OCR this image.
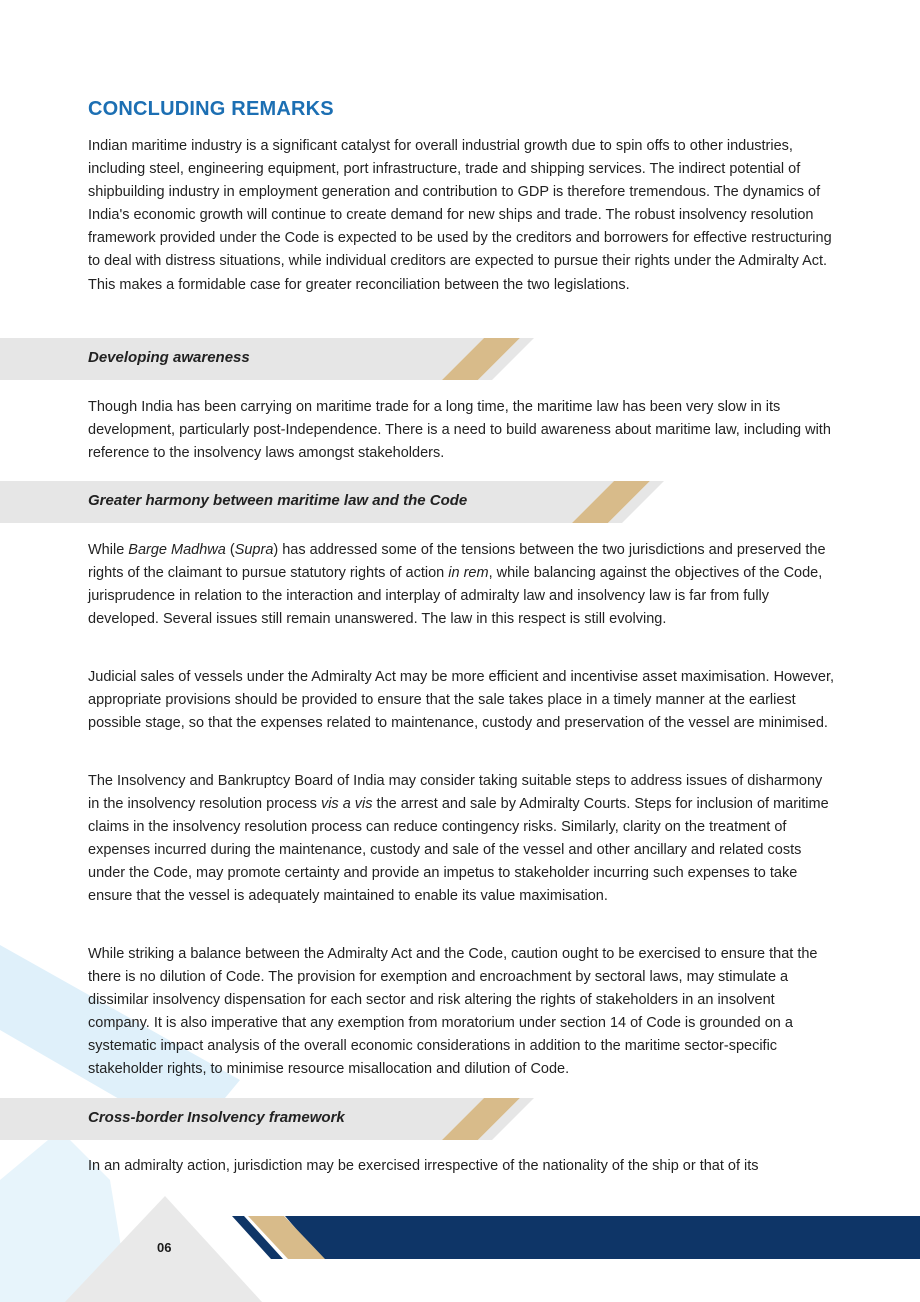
CONCLUDING REMARKS

Indian maritime industry is a significant catalyst for overall industrial growth due to spin offs to other industries, including steel, engineering equipment, port infrastructure, trade and shipping services. The indirect potential of shipbuilding industry in employment generation and contribution to GDP is therefore tremendous. The dynamics of India's economic growth will continue to create demand for new ships and trade. The robust insolvency resolution framework provided under the Code is expected to be used by the creditors and borrowers for effective restructuring to deal with distress situations, while individual creditors are expected to pursue their rights under the Admiralty Act. This makes a formidable case for greater reconciliation between the two legislations.

Developing awareness

Though India has been carrying on maritime trade for a long time, the maritime law has been very slow in its development, particularly post-Independence. There is a need to build awareness about maritime law, including with reference to the insolvency laws amongst stakeholders.

Greater harmony between maritime law and the Code

While Barge Madhwa (Supra) has addressed some of the tensions between the two jurisdictions and preserved the rights of the claimant to pursue statutory rights of action in rem, while balancing against the objectives of the Code, jurisprudence in relation to the interaction and interplay of admiralty law and insolvency law is far from fully developed. Several issues still remain unanswered. The law in this respect is still evolving.

Judicial sales of vessels under the Admiralty Act may be more efficient and incentivise asset maximisation. However, appropriate provisions should be provided to ensure that the sale takes place in a timely manner at the earliest possible stage, so that the expenses related to maintenance, custody and preservation of the vessel are minimised.

The Insolvency and Bankruptcy Board of India may consider taking suitable steps to address issues of disharmony in the insolvency resolution process vis a vis the arrest and sale by Admiralty Courts. Steps for inclusion of maritime claims in the insolvency resolution process can reduce contingency risks. Similarly, clarity on the treatment of expenses incurred during the maintenance, custody and sale of the vessel and other ancillary and related costs under the Code, may promote certainty and provide an impetus to stakeholder incurring such expenses to take ensure that the vessel is adequately maintained to enable its value maximisation.

While striking a balance between the Admiralty Act and the Code, caution ought to be exercised to ensure that the there is no dilution of Code. The provision for exemption and encroachment by sectoral laws, may stimulate a dissimilar insolvency dispensation for each sector and risk altering the rights of stakeholders in an insolvent company. It is also imperative that any exemption from moratorium under section 14 of Code is grounded on a systematic impact analysis of the overall economic considerations in addition to the maritime sector-specific stakeholder rights, to minimise resource misallocation and dilution of Code.

Cross-border Insolvency framework

In an admiralty action, jurisdiction may be exercised irrespective of the nationality of the ship or that of its

06
